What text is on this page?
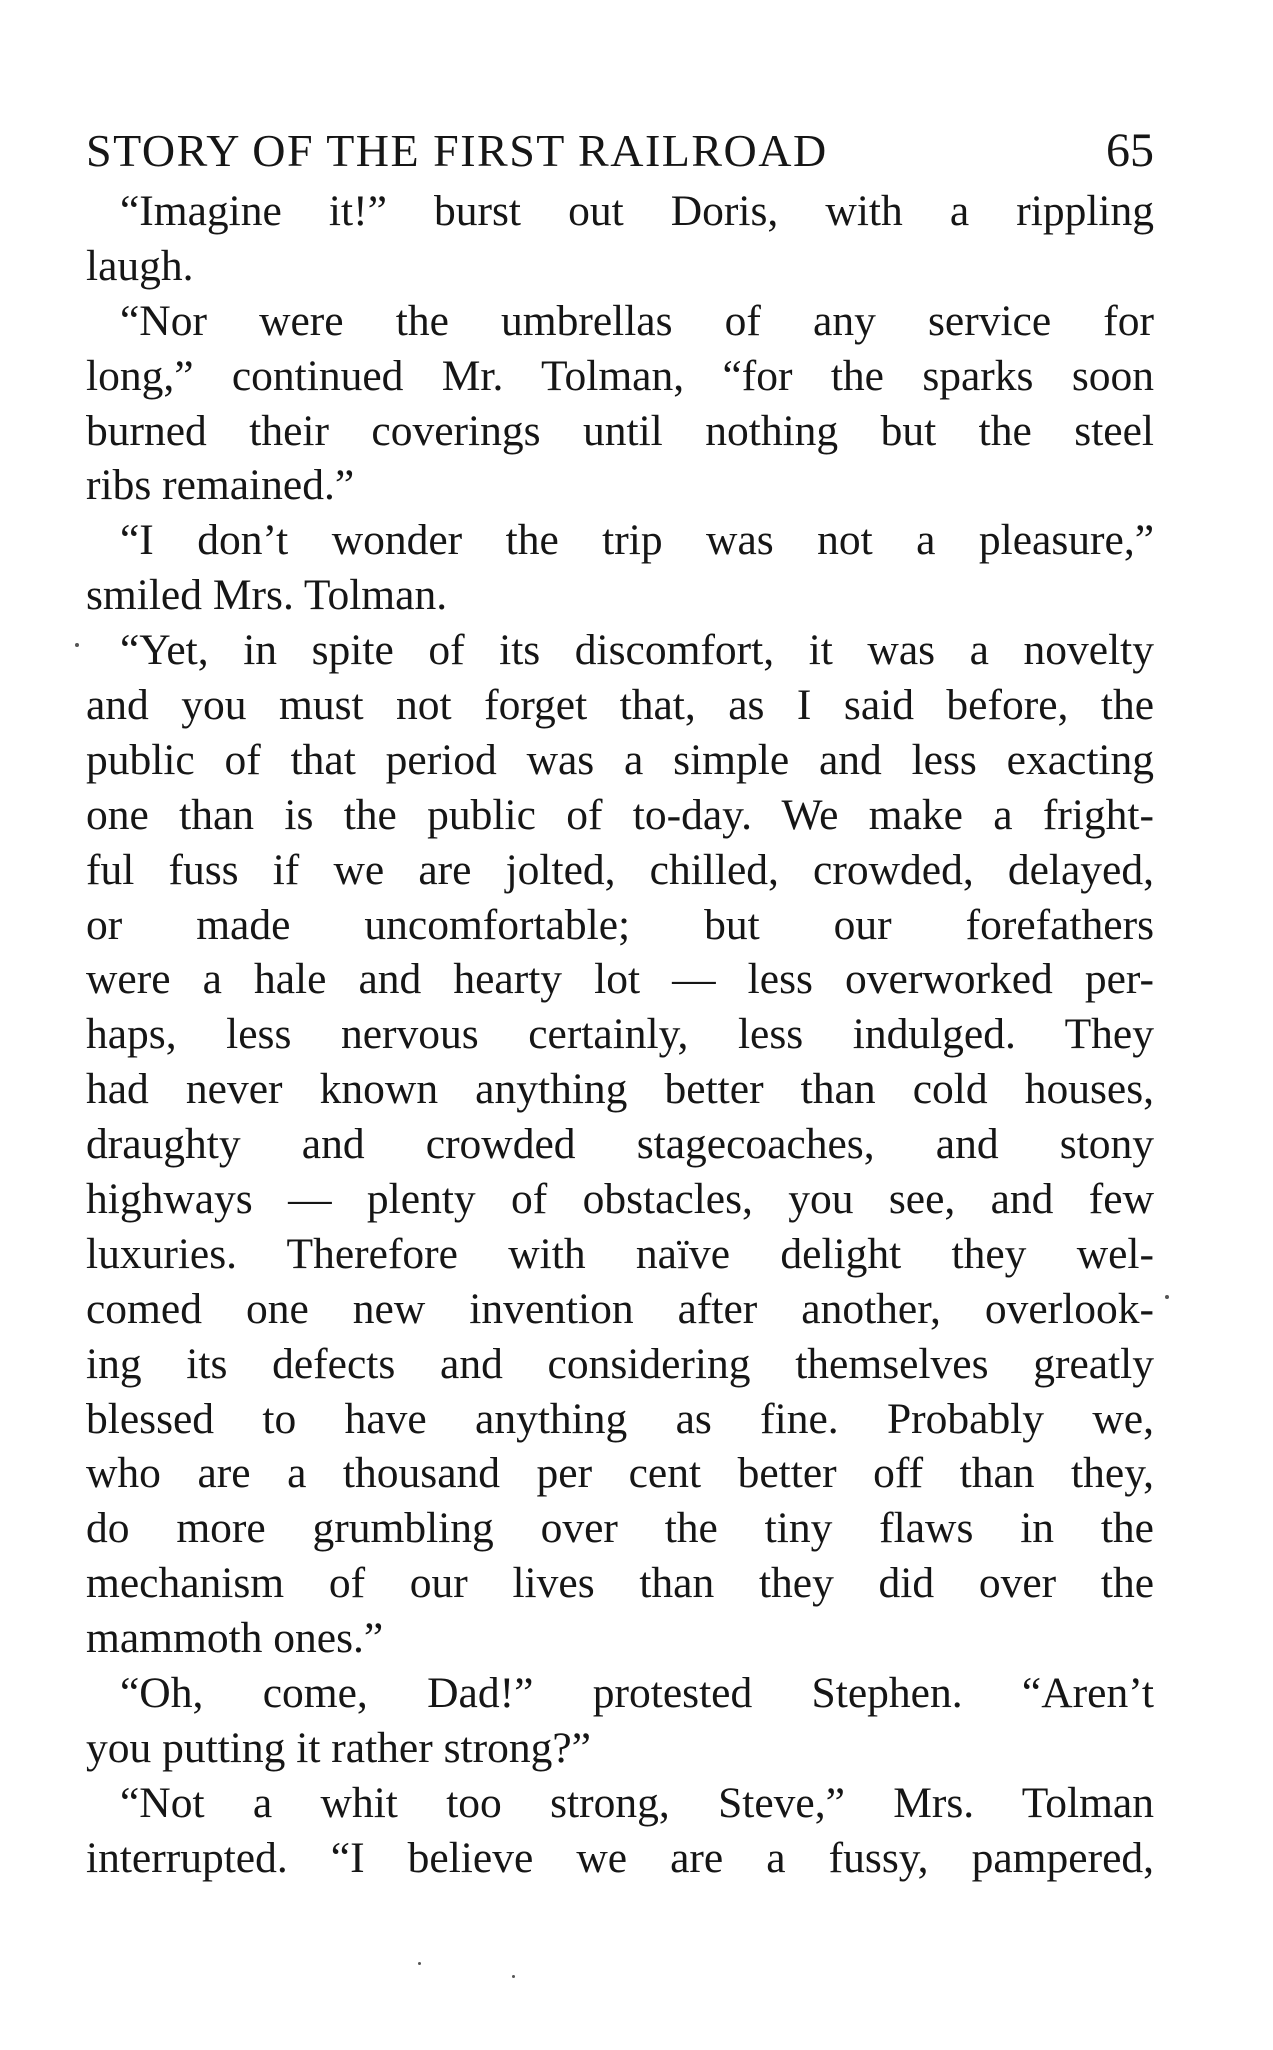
STORY OF THE FIRST RAILROAD	65
“Imagine it!” burst out Doris, with a rippling
laugh.
“Nor were the umbrellas of any service for
long,” continued Mr. Tolman, “for the sparks soon
burned their coverings until nothing but the steel
ribs remained.”
“I don’t wonder the trip was not a pleasure,”
smiled Mrs. Tolman.
“Yet, in spite of its discomfort, it was a novelty
and you must not forget that, as I said before, the
public of that period was a simple and less exacting
one than is the public of to-day. We make a fright-
ful fuss if we are jolted, chilled, crowded, delayed,
or made uncomfortable; but our forefathers
were a hale and hearty lot — less overworked per-
haps, less nervous certainly, less indulged. They
had never known anything better than cold houses,
draughty and crowded stagecoaches, and stony
highways — plenty of obstacles, you see, and few
luxuries. Therefore with naïve delight they wel-
comed one new invention after another, overlook-
ing its defects and considering themselves greatly
blessed to have anything as fine. Probably we,
who are a thousand per cent better off than they,
do more grumbling over the tiny flaws in the
mechanism of our lives than they did over the
mammoth ones.”
“Oh, come, Dad!” protested Stephen. “Aren’t
you putting it rather strong?”
“Not a whit too strong, Steve,” Mrs. Tolman
interrupted. “I believe we are a fussy, pampered,
